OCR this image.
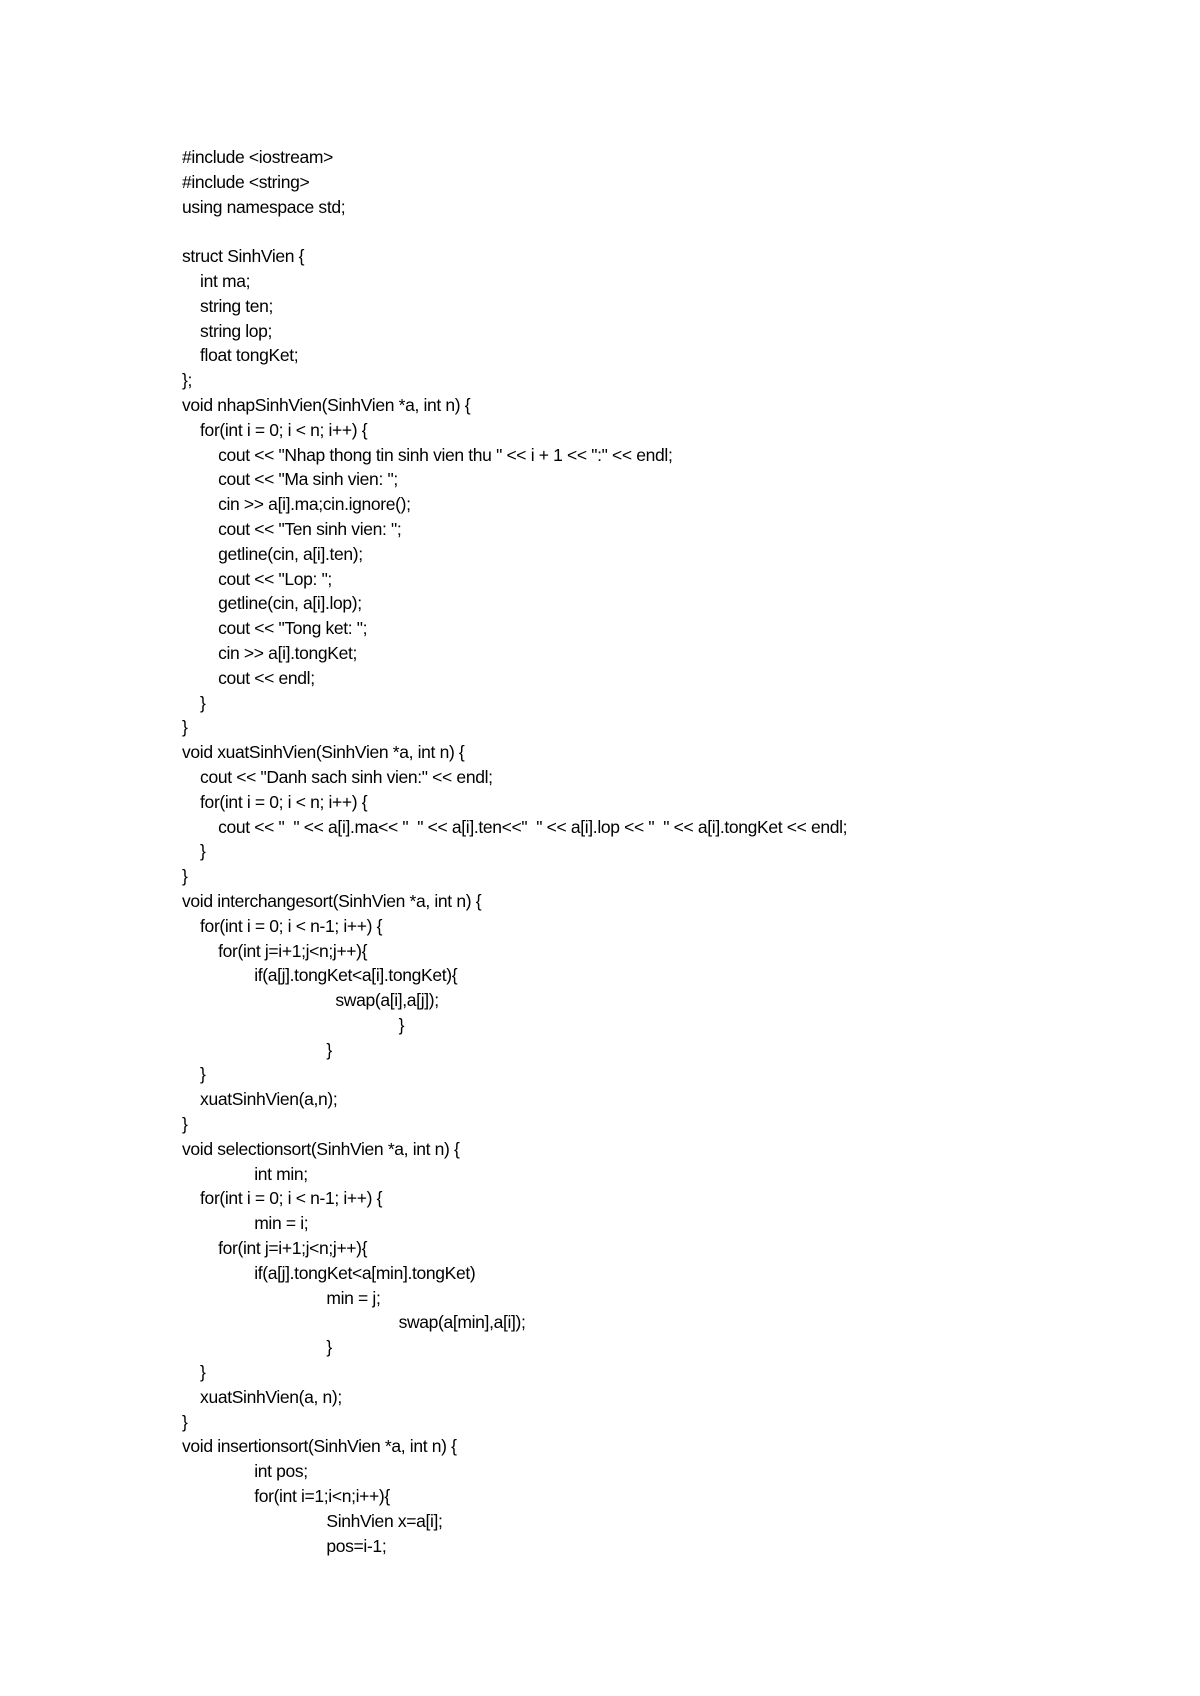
#include <iostream>
#include <string>
using namespace std;
struct SinhVien {
int ma;
string ten;
string lop;
float tongKet;
};
void nhapSinhVien(SinhVien *a, int n) {
for(int i = 0; i < n; i++) {
cout << "Nhap thong tin sinh vien thu " << i + 1 << ":" << endl;
cout << "Ma sinh vien: ";
cin >> a[i].ma;cin.ignore();
cout << "Ten sinh vien: ";
getline(cin, a[i].ten);
cout << "Lop: ";
getline(cin, a[i].lop);
cout << "Tong ket: ";
cin >> a[i].tongKet;
cout << endl;
}
}
void xuatSinhVien(SinhVien *a, int n) {
cout << "Danh sach sinh vien:" << endl;
for(int i = 0; i < n; i++) {
cout << "  " << a[i].ma<< "  " << a[i].ten<<"  " << a[i].lop << "  " << a[i].tongKet << endl;
}
}
void interchangesort(SinhVien *a, int n) {
for(int i = 0; i < n-1; i++) {
for(int j=i+1;j<n;j++){
if(a[j].tongKet<a[i].tongKet){
swap(a[i],a[j]);
}
}
}
xuatSinhVien(a,n);
}
void selectionsort(SinhVien *a, int n) {
int min;
for(int i = 0; i < n-1; i++) {
min = i;
for(int j=i+1;j<n;j++){
if(a[j].tongKet<a[min].tongKet)
min = j;
swap(a[min],a[i]);
}
}
xuatSinhVien(a, n);
}
void insertionsort(SinhVien *a, int n) {
int pos;
for(int i=1;i<n;i++){
SinhVien x=a[i];
pos=i-1;
